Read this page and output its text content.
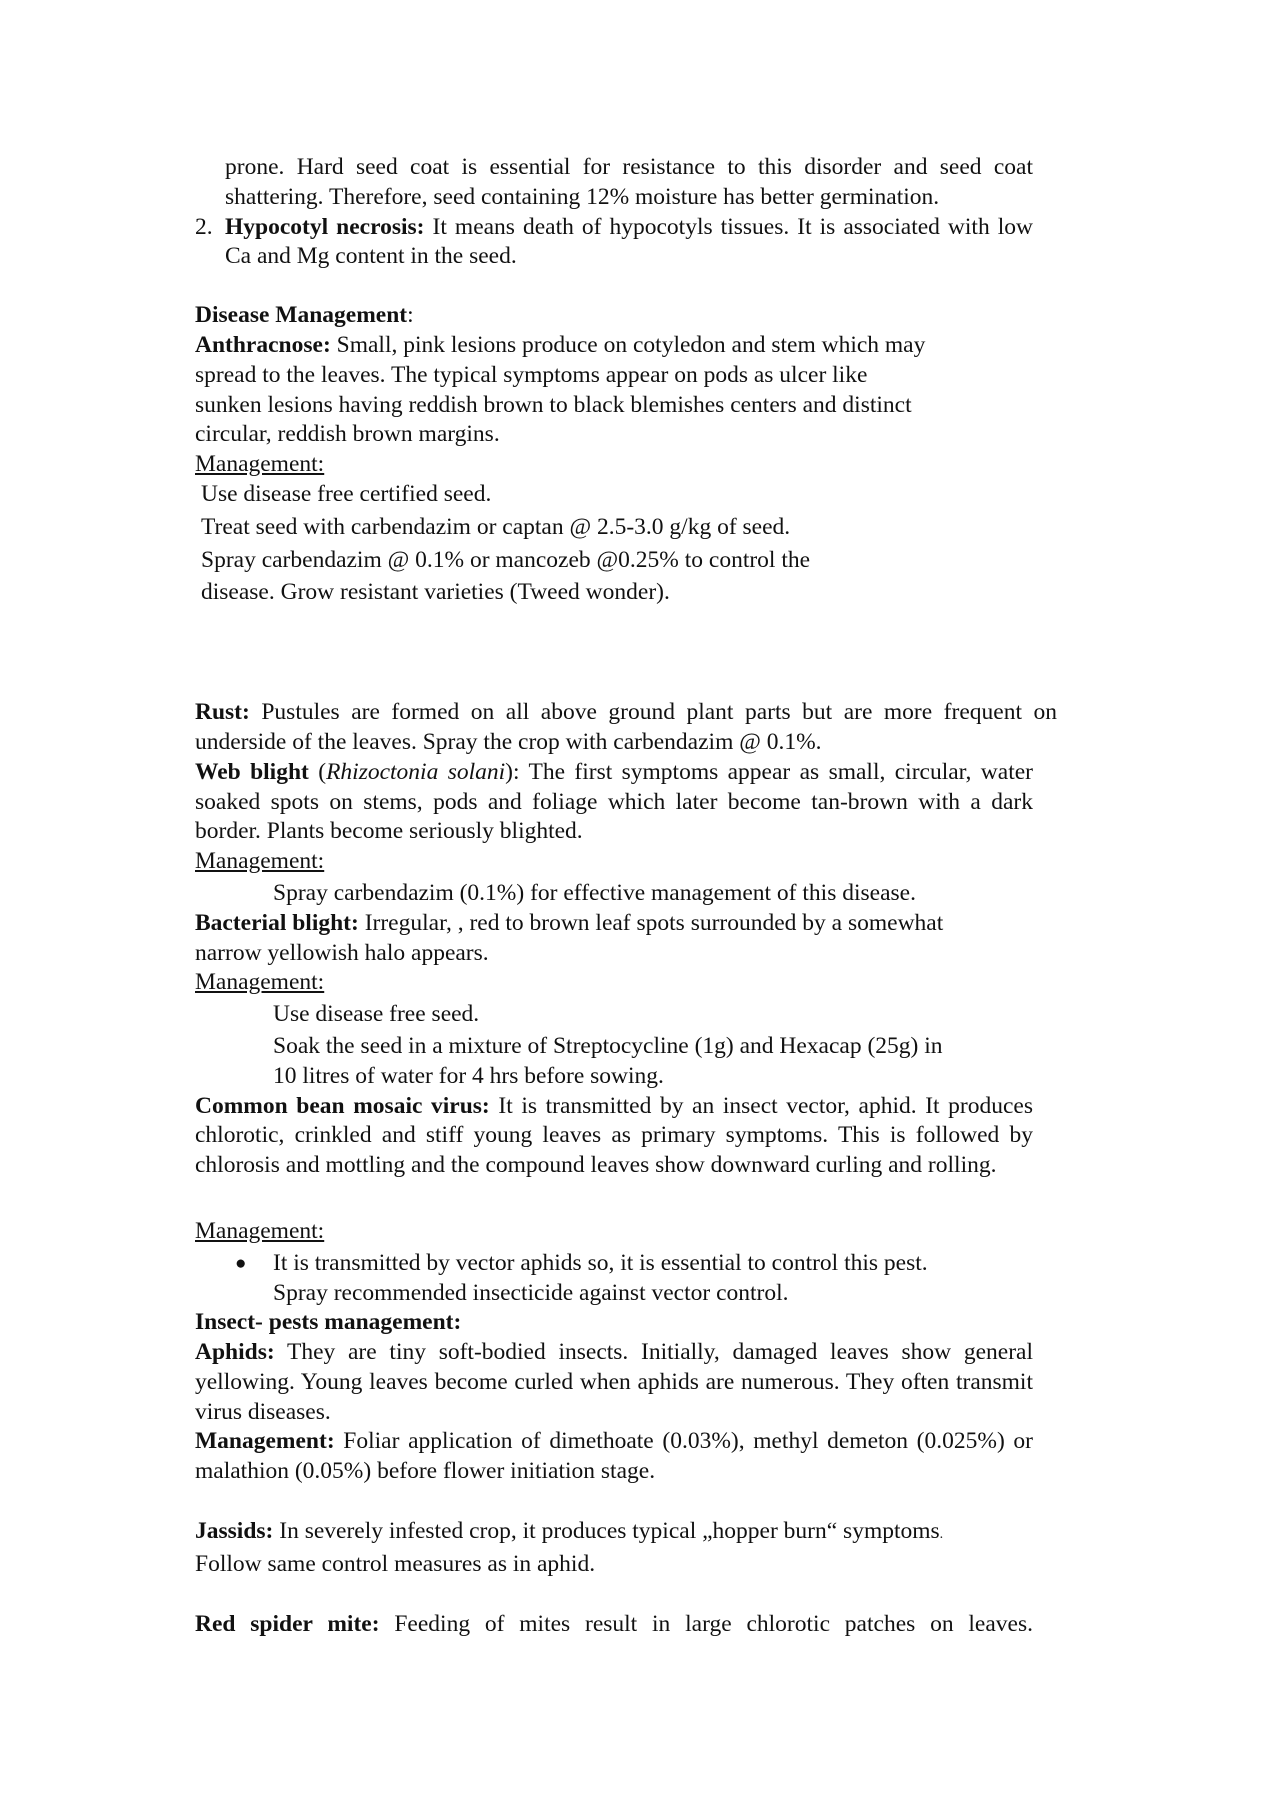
prone. Hard seed coat is essential for resistance to this disorder and seed coat shattering. Therefore, seed containing 12% moisture has better germination.

2. Hypocotyl necrosis: It means death of hypocotyls tissues. It is associated with low Ca and Mg content in the seed.

Disease Management:

Anthracnose: Small, pink lesions produce on cotyledon and stem which may

spread to the leaves. The typical symptoms appear on pods as ulcer like

sunken lesions having reddish brown to black blemishes centers and distinct

circular, reddish brown margins.

Management:

Use disease free certified seed.

Treat seed with carbendazim or captan @ 2.5-3.0 g/kg of seed.

Spray carbendazim @ 0.1% or mancozeb @0.25% to control the

disease. Grow resistant varieties (Tweed wonder).

Rust: Pustules are formed on all above ground plant parts but are more frequent on underside of the leaves. Spray the crop with carbendazim @ 0.1%.

Web blight (Rhizoctonia solani): The first symptoms appear as small, circular, water soaked spots on stems, pods and foliage which later become tan-brown with a dark border. Plants become seriously blighted.

Management:

Spray carbendazim (0.1%) for effective management of this disease.

Bacterial blight: Irregular, , red to brown leaf spots surrounded by a somewhat

narrow yellowish halo appears.

Management:

Use disease free seed.

Soak the seed in a mixture of Streptocycline (1g) and Hexacap (25g) in

10 litres of water for 4 hrs before sowing.

Common bean mosaic virus: It is transmitted by an insect vector, aphid. It produces chlorotic, crinkled and stiff young leaves as primary symptoms. This is followed by chlorosis and mottling and the compound leaves show downward curling and rolling.

Management:

●	It is transmitted by vector aphids so, it is essential to control this pest.

Spray recommended insecticide against vector control.

Insect- pests management:

Aphids: They are tiny soft-bodied insects. Initially, damaged leaves show general yellowing. Young leaves become curled when aphids are numerous. They often transmit virus diseases.

Management: Foliar application of dimethoate (0.03%), methyl demeton (0.025%) or malathion (0.05%) before flower initiation stage.

Jassids: In severely infested crop, it produces typical „hopper burn“ symptoms.

Follow same control measures as in aphid.

Red spider mite: Feeding of mites result in large chlorotic patches on leaves.
